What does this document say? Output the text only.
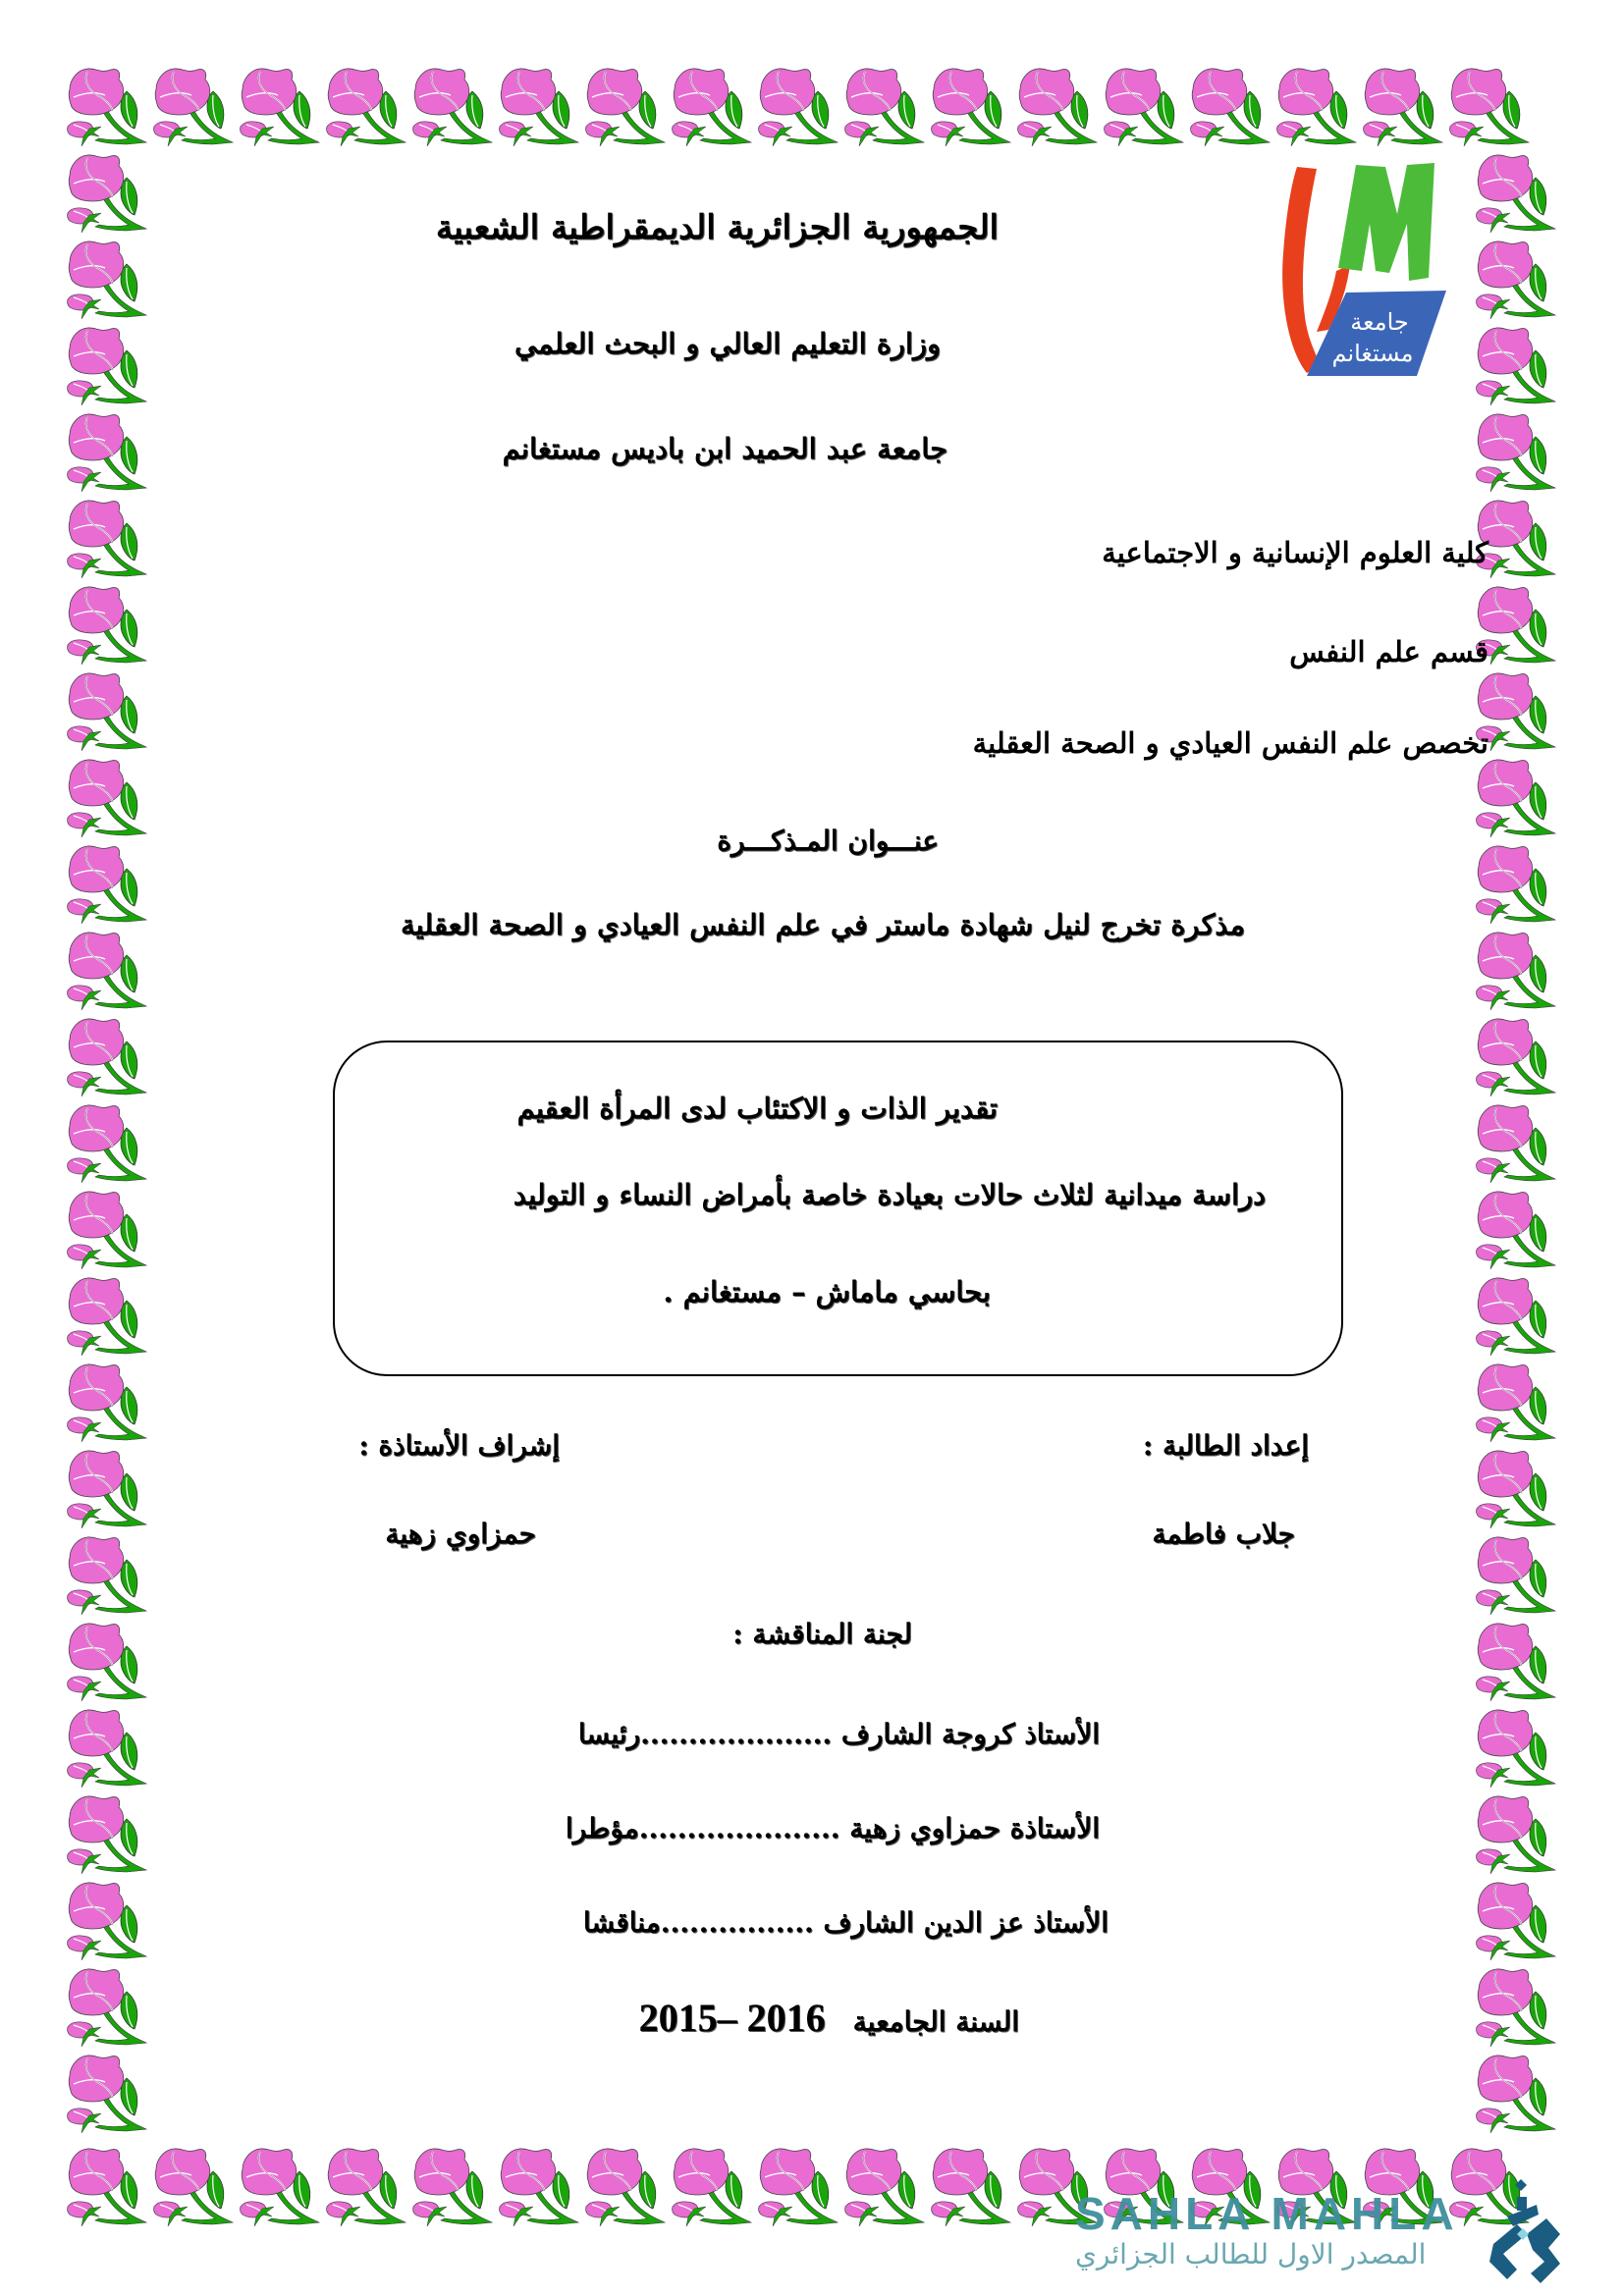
جامعة
مستغانم
الجمهورية الجزائرية الديمقراطية الشعبية
وزارة التعليم العالي و البحث العلمي
جامعة عبد الحميد ابن باديس مستغانم
كلية العلوم الإنسانية و الاجتماعية
قسم علم النفس
تخصص علم النفس العيادي و الصحة العقلية
عنـــوان المـذكـــرة
مذكرة تخرج لنيل شهادة ماستر في علم النفس العيادي و الصحة العقلية
تقدير الذات و الاكتئاب لدى المرأة العقيم
دراسة ميدانية لثلاث حالات بعيادة خاصة بأمراض النساء و التوليد
بحاسي ماماش – مستغانم .
إعداد الطالبة :
إشراف الأستاذة :
جلاب فاطمة
حمزاوي زهية
لجنة المناقشة :
الأستاذ كروجة الشارف ....................رئيسا
الأستاذة حمزاوي زهية .....................مؤطرا
الأستاذ عز الدين الشارف ................مناقشا
السنة الجامعية
2015– 2016
SAHLA MAHLA
المصدر الاول للطالب الجزائري
